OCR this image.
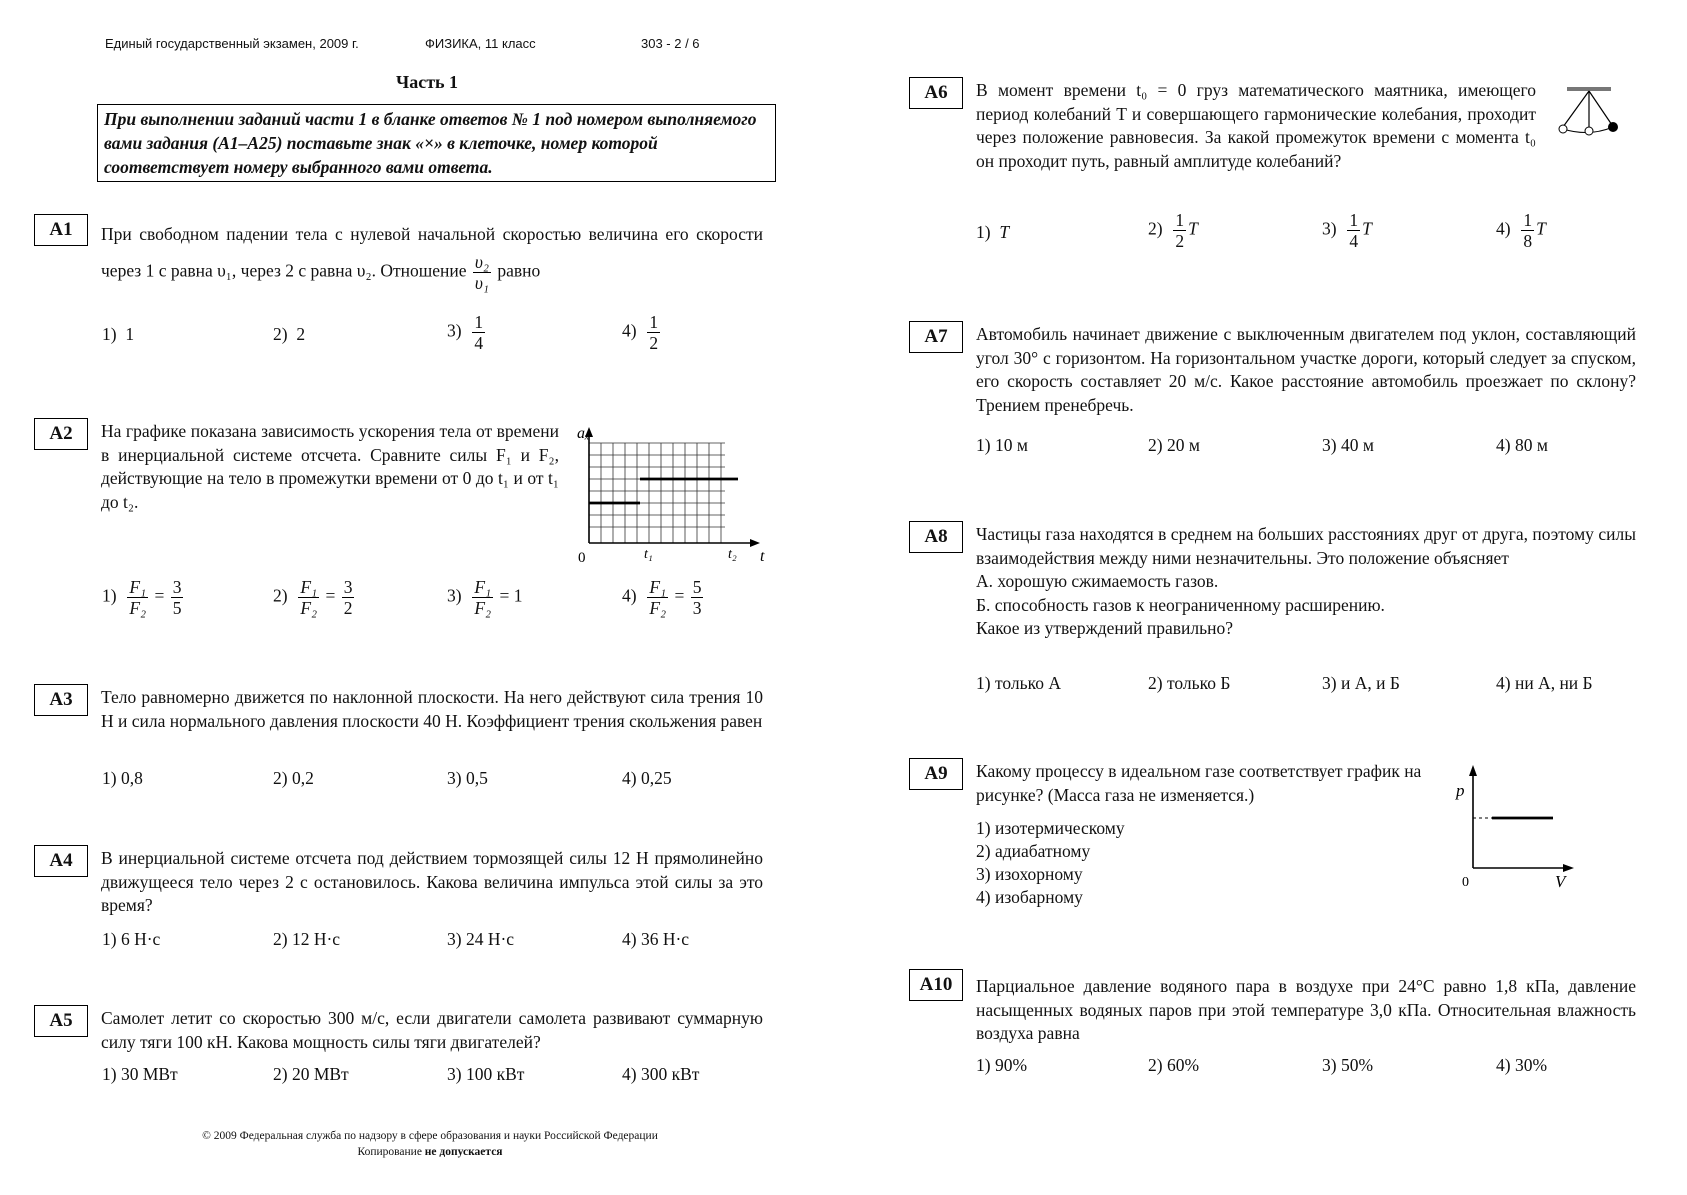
Единый государственный экзамен, 2009 г.	ФИЗИКА, 11 класс	303 - 2 / 6
Часть 1
При выполнении заданий части 1 в бланке ответов № 1 под номером выполняемого вами задания (А1–А25) поставьте знак «×» в клеточке, номер которой соответствует номеру выбранного вами ответа.
А1	При свободном падении тела с нулевой начальной скоростью величина его скорости через 1 с равна υ₁, через 2 с равна υ₂. Отношение $\frac{\text{υ₂}}{\text{υ₁}}$ равно
1) 1	2) 2	$3) \frac{1}{4}$	$4) \frac{1}{2}$
А2	На графике показана зависимость ускорения тела от времени в инерциальной системе отсчета. Сравните силы F₁ и F₂, действующие на тело в промежутки времени от 0 до t₁ и от t₁ до t₂.
aₓ
t
0	t₁	t₂
$1) \frac{\text{F₁}}{\text{F₂}} = \frac{3}{5}$	$2) \frac{\text{F₁}}{\text{F₂}} = \frac{3}{2}$	$3) \frac{\text{F₁}}{\text{F₂}} = 1$	$4) \frac{\text{F₁}}{\text{F₂}} = \frac{5}{3}$
А3	Тело равномерно движется по наклонной плоскости. На него действуют сила трения 10 Н и сила нормального давления плоскости 40 Н. Коэффициент трения скольжения равен
1) 0,8	2) 0,2	3) 0,5	4) 0,25
А4	В инерциальной системе отсчета под действием тормозящей силы 12 Н прямолинейно движущееся тело через 2 с остановилось. Какова величина импульса этой силы за это время?
1) 6 Н·с	2) 12 Н·с	3) 24 Н·с	4) 36 Н·с
А5	Самолет летит со скоростью 300 м/с, если двигатели самолета развивают суммарную силу тяги 100 кН. Какова мощность силы тяги двигателей?
1) 30 МВт	2) 20 МВт	3) 100 кВт	4) 300 кВт
© 2009 Федеральная служба по надзору в сфере образования и науки Российской Федерации
Копирование не допускается
А6	В момент времени t₀ = 0 груз математического маятника, имеющего период колебаний T и совершающего гармонические колебания, проходит через положение равновесия. За какой промежуток времени с момента t₀ он проходит путь, равный амплитуде колебаний?
1) T	$2) \frac{1}{2}$ T	$3) \frac{1}{4}$ T	$4) \frac{1}{8}$ T
А7	Автомобиль начинает движение с выключенным двигателем под уклон, составляющий угол 30° с горизонтом. На горизонтальном участке дороги, который следует за спуском, его скорость составляет 20 м/с. Какое расстояние автомобиль проезжает по склону? Трением пренебречь.
1) 10 м	2) 20 м	3) 40 м	4) 80 м
А8	Частицы газа находятся в среднем на больших расстояниях друг от друга, поэтому силы взаимодействия между ними незначительны. Это положение объясняет
А. хорошую сжимаемость газов.
Б. способность газов к неограниченному расширению.
Какое из утверждений правильно?
1) только А	2) только Б	3) и А, и Б	4) ни А, ни Б
А9	Какому процессу в идеальном газе соответствует график на рисунке? (Масса газа не изменяется.)
1) изотермическому
2) адиабатному
3) изохорному
4) изобарному
p
V
0
А10	Парциальное давление водяного пара в воздухе при 24°С равно 1,8 кПа, давление насыщенных водяных паров при этой температуре 3,0 кПа. Относительная влажность воздуха равна
1) 90%	2) 60%	3) 50%	4) 30%
